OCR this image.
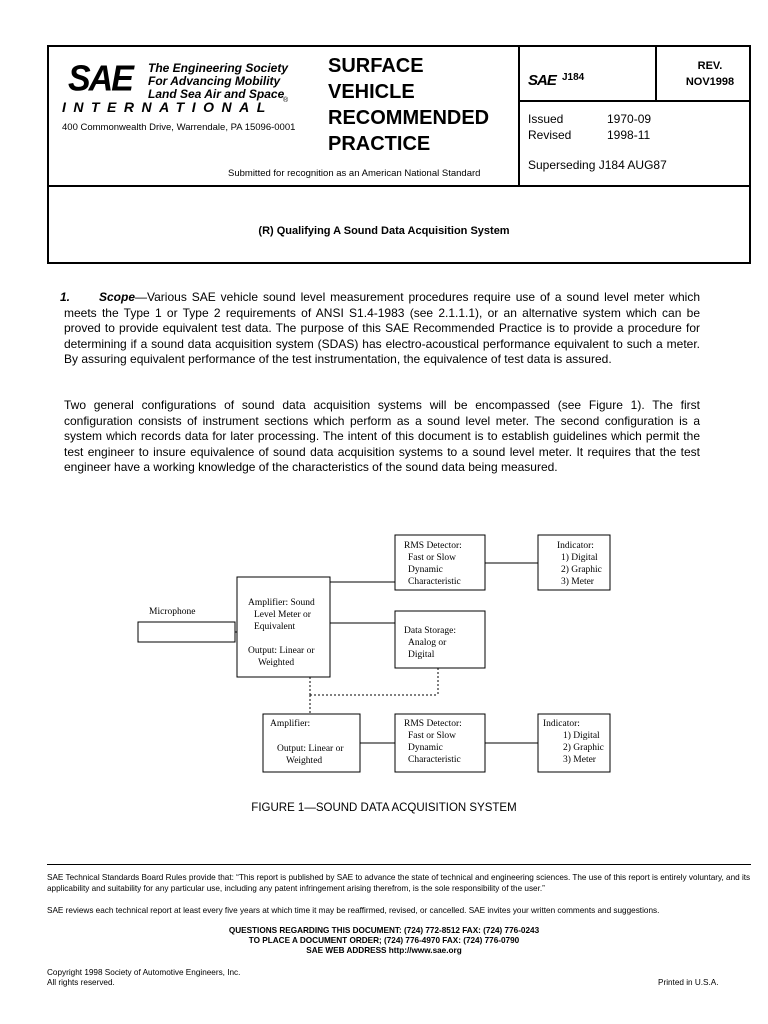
SAE The Engineering Society
For Advancing Mobility
Land Sea Air and Space
INTERNATIONAL ®
400 Commonwealth Drive, Warrendale, PA 15096-0001
SURFACE
VEHICLE
RECOMMENDED
PRACTICE
Submitted for recognition as an American National Standard
SAE J184
REV.
NOV1998
Issued
Revised
1970-09
1998-11
Superseding J184 AUG87
(R) Qualifying A Sound Data Acquisition System
1. Scope—Various SAE vehicle sound level measurement procedures require use of a sound level meter which meets the Type 1 or Type 2 requirements of ANSI S1.4-1983 (see 2.1.1.1), or an alternative system which can be proved to provide equivalent test data. The purpose of this SAE Recommended Practice is to provide a procedure for determining if a sound data acquisition system (SDAS) has electro-acoustical performance equivalent to such a meter. By assuring equivalent performance of the test instrumentation, the equivalence of test data is assured.
Two general configurations of sound data acquisition systems will be encompassed (see Figure 1). The first configuration consists of instrument sections which perform as a sound level meter. The second configuration is a system which records data for later processing. The intent of this document is to establish guidelines which permit the test engineer to insure equivalence of sound data acquisition systems to a sound level meter. It requires that the test engineer have a working knowledge of the characteristics of the sound data being measured.
Microphone
Amplifier: Sound
Level Meter or
Equivalent
Output: Linear or
Weighted
RMS Detector:
Fast or Slow
Dynamic
Characteristic
Indicator:
1) Digital
2) Graphic
3) Meter
Data Storage:
Analog or
Digital
Amplifier:
Output: Linear or
Weighted
RMS Detector:
Fast or Slow
Dynamic
Characteristic
Indicator:
1) Digital
2) Graphic
3) Meter
FIGURE 1—SOUND DATA ACQUISITION SYSTEM
SAE Technical Standards Board Rules provide that: “This report is published by SAE to advance the state of technical and engineering sciences. The use of this report is entirely voluntary, and its applicability and suitability for any particular use, including any patent infringement arising therefrom, is the sole responsibility of the user.”
SAE reviews each technical report at least every five years at which time it may be reaffirmed, revised, or cancelled. SAE invites your written comments and suggestions.
QUESTIONS REGARDING THIS DOCUMENT: (724) 772-8512 FAX: (724) 776-0243
TO PLACE A DOCUMENT ORDER; (724) 776-4970 FAX: (724) 776-0790
SAE WEB ADDRESS http://www.sae.org
Copyright 1998 Society of Automotive Engineers, Inc.
All rights reserved.	Printed in U.S.A.
